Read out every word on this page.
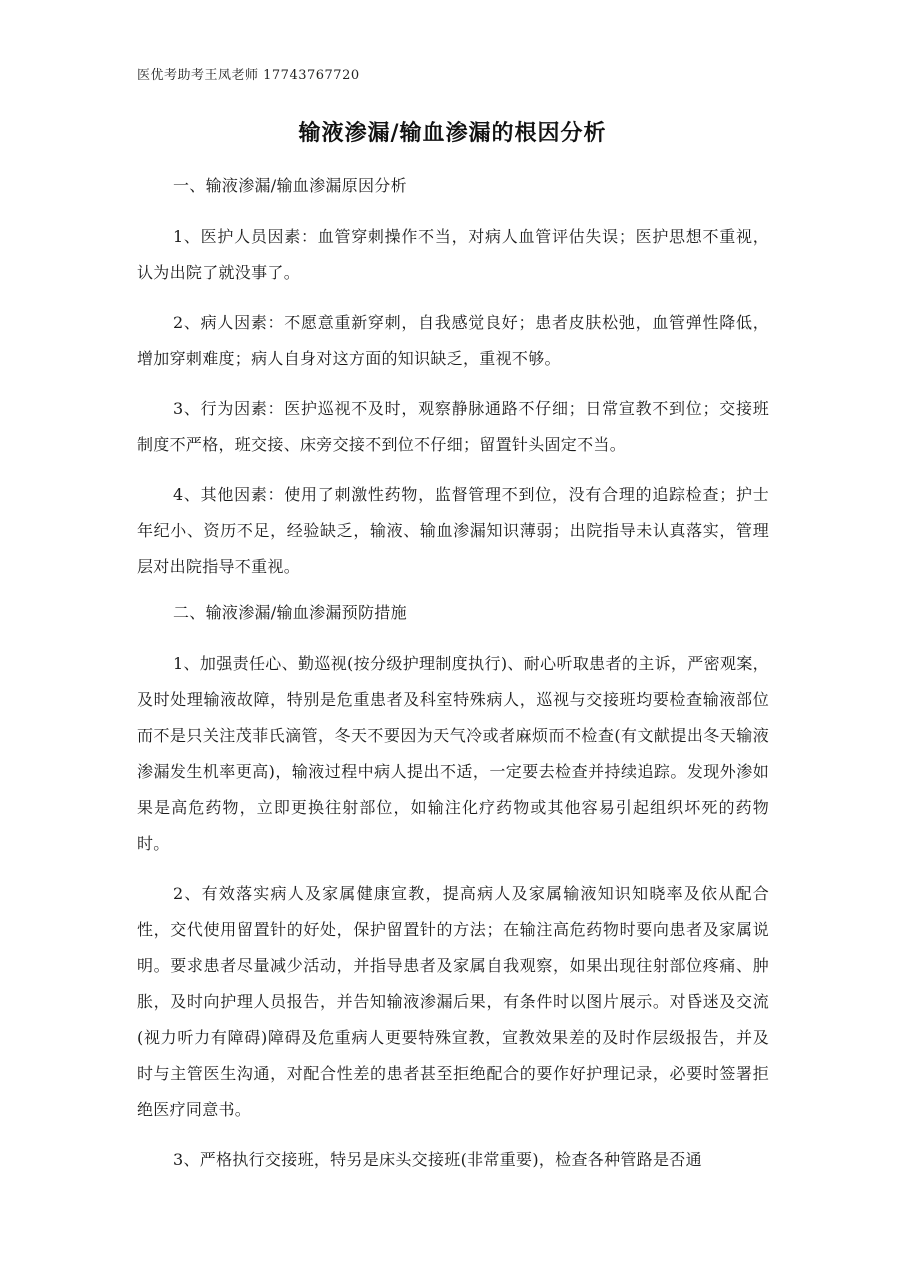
医优考助考王凤老师 17743767720
输液渗漏/输血渗漏的根因分析

一、输液渗漏/输血渗漏原因分析

1、医护人员因素：血管穿刺操作不当，对病人血管评估失误；医护思想不重视，认为出院了就没事了。

2、病人因素：不愿意重新穿刺，自我感觉良好；患者皮肤松弛，血管弹性降低，增加穿刺难度；病人自身对这方面的知识缺乏，重视不够。

3、行为因素：医护巡视不及时，观察静脉通路不仔细；日常宣教不到位；交接班制度不严格，班交接、床旁交接不到位不仔细；留置针头固定不当。

4、其他因素：使用了刺激性药物，监督管理不到位，没有合理的追踪检查；护士年纪小、资历不足，经验缺乏，输液、输血渗漏知识薄弱；出院指导未认真落实，管理层对出院指导不重视。

二、输液渗漏/输血渗漏预防措施

1、加强责任心、勤巡视(按分级护理制度执行)、耐心听取患者的主诉，严密观案，及时处理输液故障，特别是危重患者及科室特殊病人，巡视与交接班均要检查输液部位而不是只关注茂菲氏滴管，冬天不要因为天气冷或者麻烦而不检查(有文献提出冬天输液渗漏发生机率更高)，输液过程中病人提出不适，一定要去检查并持续追踪。发现外渗如果是高危药物，立即更换往射部位，如输注化疗药物或其他容易引起组织坏死的药物时。

2、有效落实病人及家属健康宣教，提高病人及家属输液知识知晓率及依从配合性，交代使用留置针的好处，保护留置针的方法；在输注高危药物时要向患者及家属说明。要求患者尽量减少活动，并指导患者及家属自我观察，如果出现往射部位疼痛、肿胀，及时向护理人员报告，并告知输液渗漏后果，有条件时以图片展示。对昏迷及交流(视力听力有障碍)障碍及危重病人更要特殊宣教，宣教效果差的及时作层级报告，并及时与主管医生沟通，对配合性差的患者甚至拒绝配合的要作好护理记录，必要时签署拒绝医疗同意书。

3、严格执行交接班，特另是床头交接班(非常重要)，检查各种管路是否通
